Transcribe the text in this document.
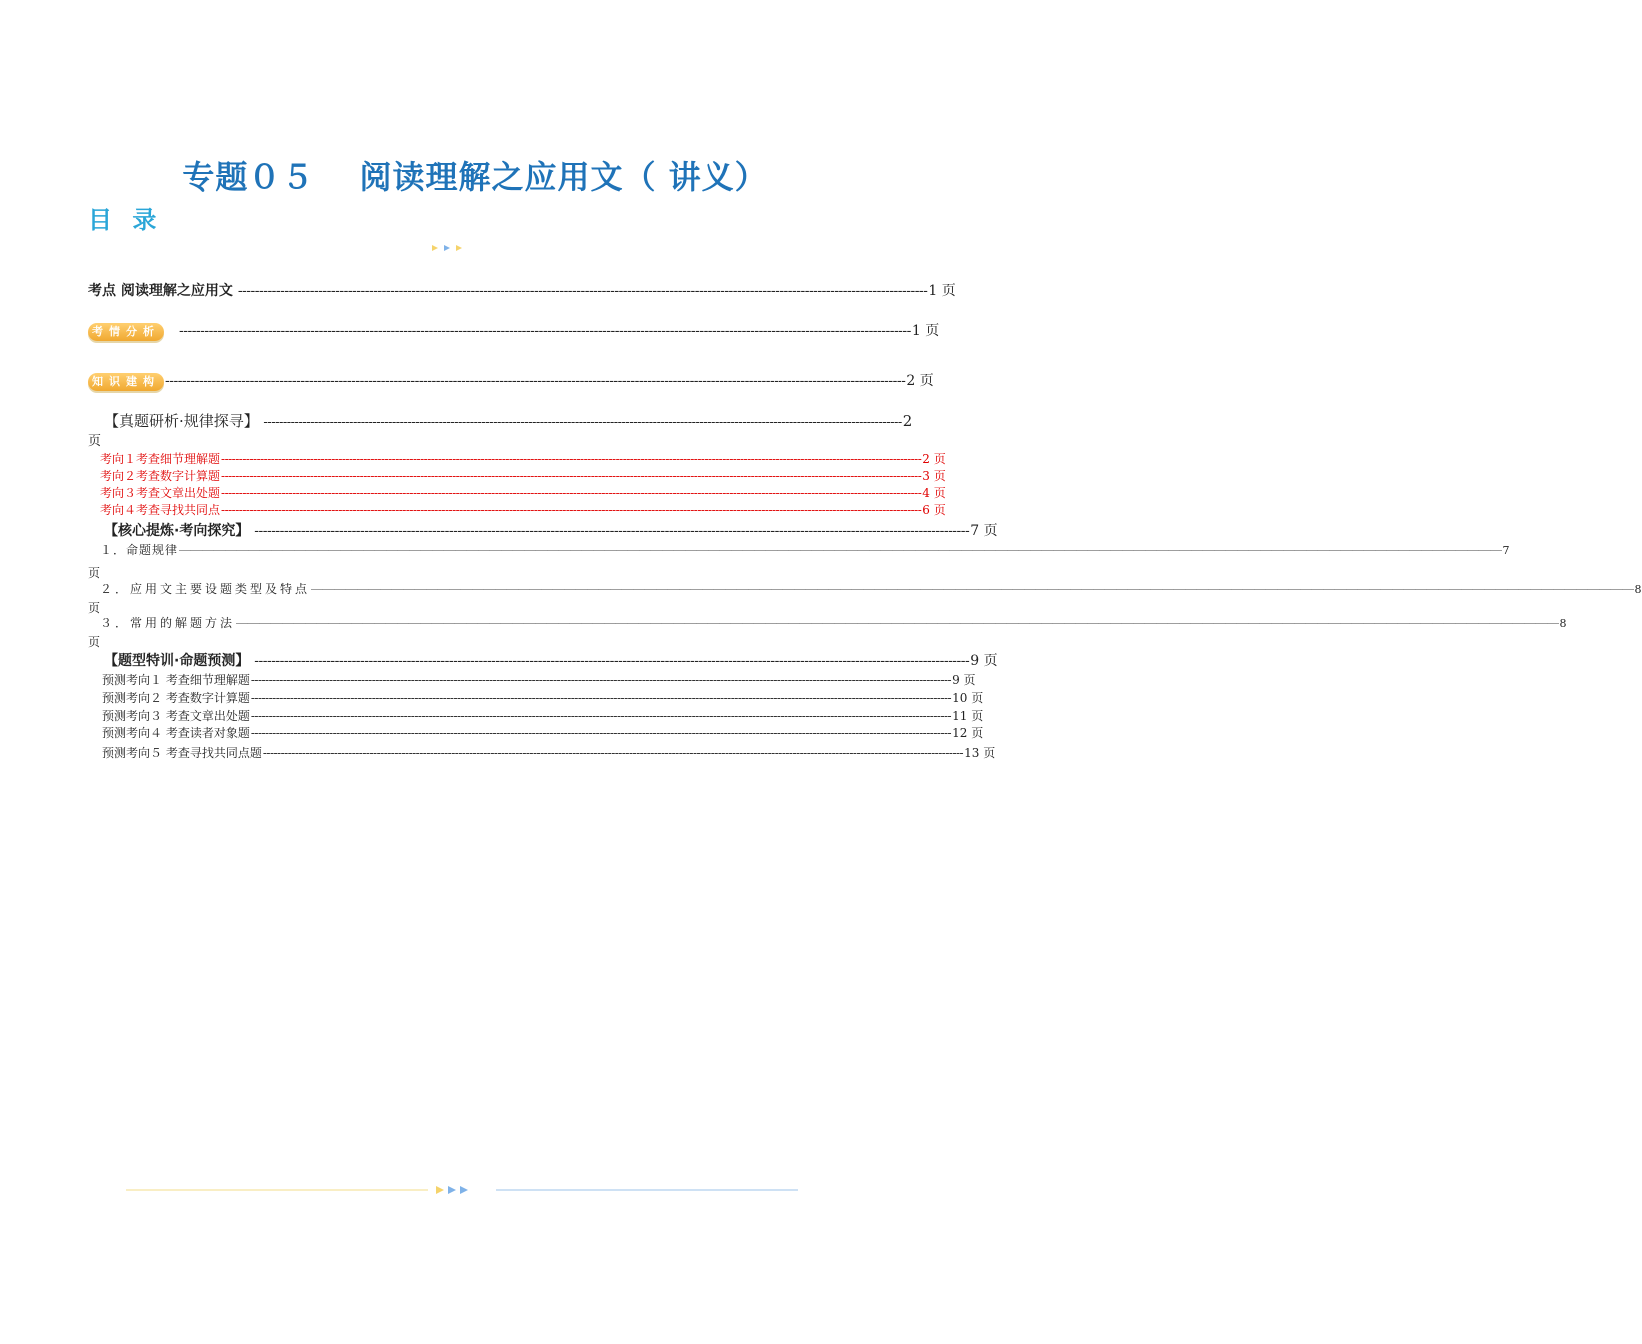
专题０５　 阅读理解之应用文（ 讲义）
目 录
考点 阅读理解之应用文 ------------------------------------------------------------------------------------------------------------------------------------------------------------------- 1 页
考情分析 ----------------------------------------------------------------------------------------------------------------------------------------------------------------------------- 1 页
知识建构 ------------------------------------------------------------------------------------------------------------------------------------------------------------------------------- 2 页
【真题研析·规律探寻】 -------------------------------------------------------------------------------------------------------------------------------------------------------------------- 2
页
考向１考查细节理解题 ----------------------------------------------------------------------------------------------------------------------------------------------------------------------------------------------------- 2 页
考向２考查数字计算题 ----------------------------------------------------------------------------------------------------------------------------------------------------------------------------------------------------- 3 页
考向３考查文章出处题 ----------------------------------------------------------------------------------------------------------------------------------------------------------------------------------------------------- 4 页
考向４考查寻找共同点 ----------------------------------------------------------------------------------------------------------------------------------------------------------------------------------------------------- 6 页
【核心提炼·考向探究】 ------------------------------------------------------------------------------------------------------------------------------------------------------------------------- 7 页
１．命题规律 ――――――――――――――――――――――――――――――――――――――――――――――――――――――――――――――――――――――――――――――――――――――――――――――――――――――――――――――――――― 7
页
２．应用文主要设题类型及特点 ――――――――――――――――――――――――――――――――――――――――――――――――――――――――――――――――――――――――――――――――――――――――――――――――――――――――――――――――――― 8
页
３．常用的解题方法 ――――――――――――――――――――――――――――――――――――――――――――――――――――――――――――――――――――――――――――――――――――――――――――――――――――――――――――――――――― 8
页
【题型特训·命题预测】 ------------------------------------------------------------------------------------------------------------------------------------------------------------------------- 9 页
预测考向１ 考查细节理解题 ----------------------------------------------------------------------------------------------------------------------------------------------------------------------------------------------------- 9 页
预测考向２ 考查数字计算题 ----------------------------------------------------------------------------------------------------------------------------------------------------------------------------------------------------- 10 页
预测考向３ 考查文章出处题 ----------------------------------------------------------------------------------------------------------------------------------------------------------------------------------------------------- 11 页
预测考向４ 考查读者对象题 ----------------------------------------------------------------------------------------------------------------------------------------------------------------------------------------------------- 12 页
预测考向５ 考查寻找共同点题 ----------------------------------------------------------------------------------------------------------------------------------------------------------------------------------------------------- 13 页
